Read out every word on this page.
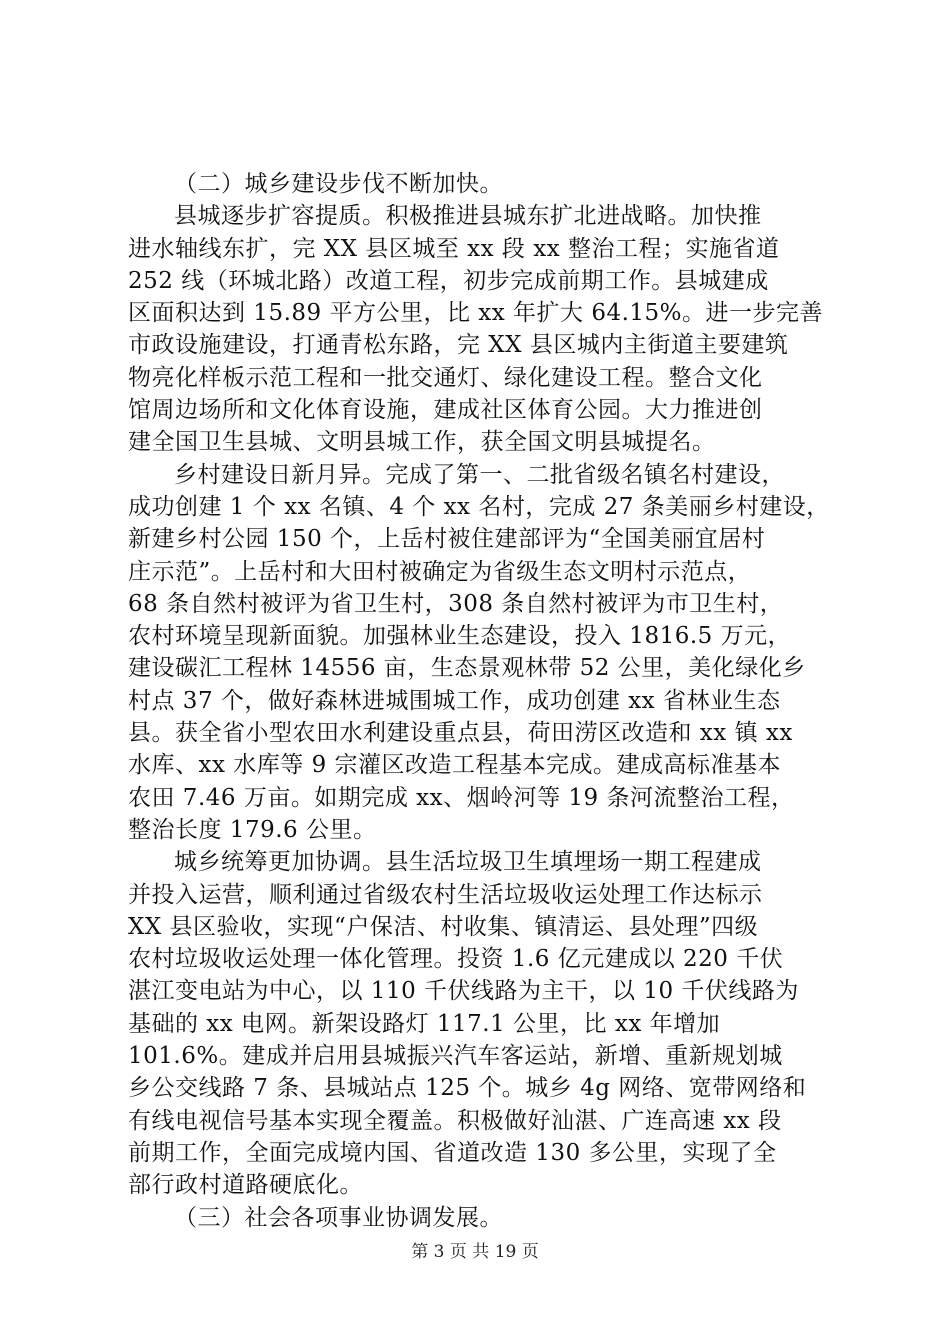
（二）城乡建设步伐不断加快。
县城逐步扩容提质。积极推进县城东扩北进战略。加快推
进水轴线东扩，完 XX 县区城至 xx 段 xx 整治工程；实施省道
252 线（环城北路）改道工程，初步完成前期工作。县城建成
区面积达到 15.89 平方公里，比 xx 年扩大 64.15%。进一步完善
市政设施建设，打通青松东路，完 XX 县区城内主街道主要建筑
物亮化样板示范工程和一批交通灯、绿化建设工程。整合文化
馆周边场所和文化体育设施，建成社区体育公园。大力推进创
建全国卫生县城、文明县城工作，获全国文明县城提名。
乡村建设日新月异。完成了第一、二批省级名镇名村建设，
成功创建 1 个 xx 名镇、4 个 xx 名村，完成 27 条美丽乡村建设，
新建乡村公园 150 个，上岳村被住建部评为“全国美丽宜居村
庄示范”。上岳村和大田村被确定为省级生态文明村示范点，
68 条自然村被评为省卫生村，308 条自然村被评为市卫生村，
农村环境呈现新面貌。加强林业生态建设，投入 1816.5 万元，
建设碳汇工程林 14556 亩，生态景观林带 52 公里，美化绿化乡
村点 37 个，做好森林进城围城工作，成功创建 xx 省林业生态
县。获全省小型农田水利建设重点县，荷田涝区改造和 xx 镇 xx
水库、xx 水库等 9 宗灌区改造工程基本完成。建成高标准基本
农田 7.46 万亩。如期完成 xx、烟岭河等 19 条河流整治工程，
整治长度 179.6 公里。
城乡统筹更加协调。县生活垃圾卫生填埋场一期工程建成
并投入运营，顺利通过省级农村生活垃圾收运处理工作达标示
XX 县区验收，实现“户保洁、村收集、镇清运、县处理”四级
农村垃圾收运处理一体化管理。投资 1.6 亿元建成以 220 千伏
湛江变电站为中心，以 110 千伏线路为主干，以 10 千伏线路为
基础的 xx 电网。新架设路灯 117.1 公里，比 xx 年增加
101.6%。建成并启用县城振兴汽车客运站，新增、重新规划城
乡公交线路 7 条、县城站点 125 个。城乡 4g 网络、宽带网络和
有线电视信号基本实现全覆盖。积极做好汕湛、广连高速 xx 段
前期工作，全面完成境内国、省道改造 130 多公里，实现了全
部行政村道路硬底化。
（三）社会各项事业协调发展。
第 3 页 共 19 页
